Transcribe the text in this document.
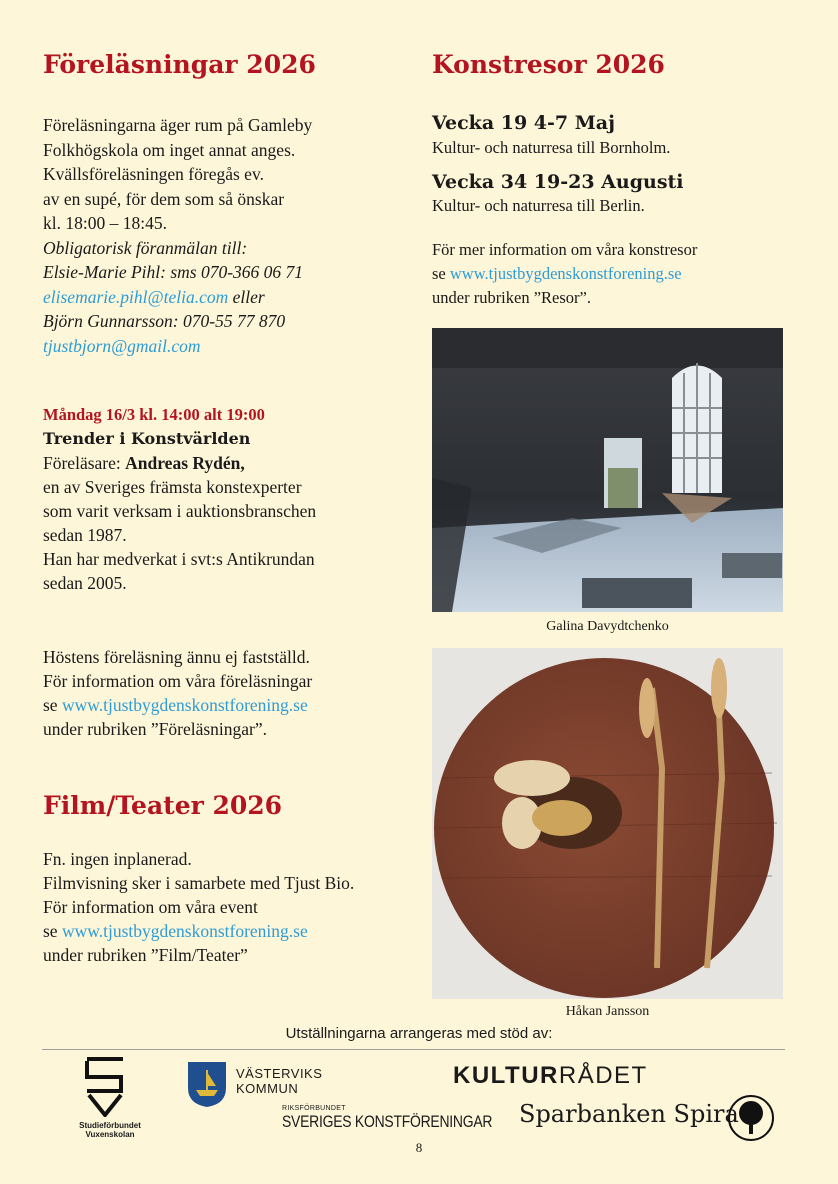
Föreläsningar 2026
Föreläsningarna äger rum på Gamleby
Folkhögskola om inget annat anges.
Kvällsföreläsningen föregås ev.
av en supé, för dem som så önskar
kl. 18:00 – 18:45.
Obligatorisk föranmälan till:
Elsie-Marie Pihl: sms 070-366 06 71
elisemarie.pihl@telia.com eller
Björn Gunnarsson: 070-55 77 870
tjustbjorn@gmail.com
Måndag 16/3 kl. 14:00 alt 19:00
Trender i Konstvärlden
Föreläsare: Andreas Rydén,
en av Sveriges främsta konstexperter
som varit verksam i auktionsbranschen
sedan 1987.
Han har medverkat i svt:s Antikrundan
sedan 2005.
Höstens föreläsning ännu ej fastställd.
För information om våra föreläsningar
se www.tjustbygdenskonstforening.se
under rubriken ”Föreläsningar”.
Film/Teater 2026
Fn. ingen inplanerad.
Filmvisning sker i samarbete med Tjust Bio.
För information om våra event
se www.tjustbygdenskonstforening.se
under rubriken ”Film/Teater”
Konstresor 2026
Vecka 19 4-7 Maj
Kultur- och naturresa till Bornholm.
Vecka 34 19-23 Augusti
Kultur- och naturresa till Berlin.
För mer information om våra konstresor
se www.tjustbygdenskonstforening.se
under rubriken ”Resor”.
Galina Davydtchenko
Håkan Jansson
Utställningarna arrangeras med stöd av:
Studieförbundet
Vuxenskolan
VÄSTERVIKS
KOMMUN
RIKSFÖRBUNDET
SVERIGES KONSTFÖRENINGAR
KULTURRÅDET
Sparbanken Spira
8
